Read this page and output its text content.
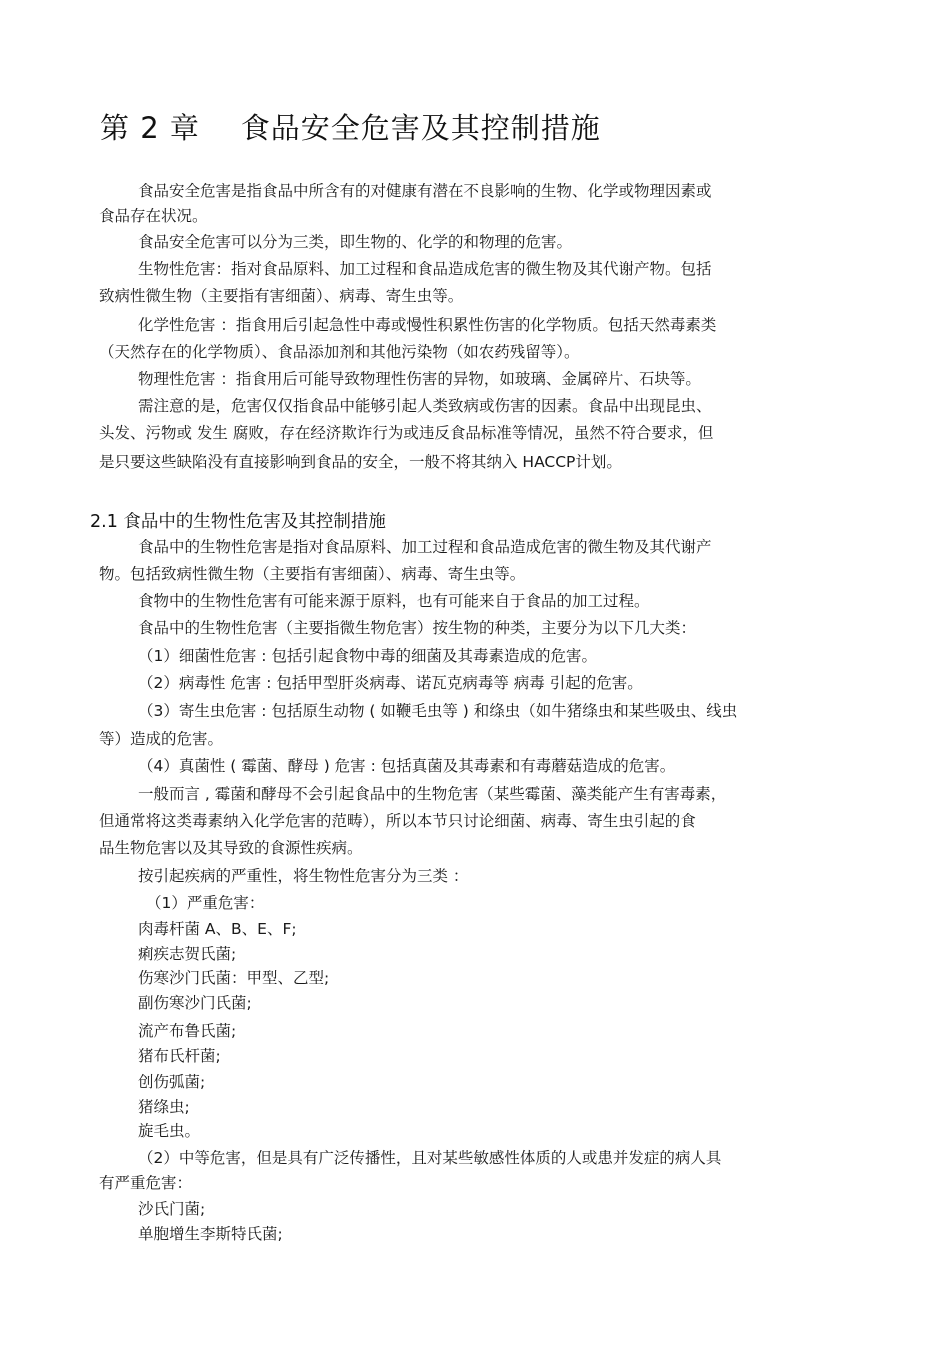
第 2 章    食品安全危害及其控制措施
食品安全危害是指食品中所含有的对健康有潜在不良影响的生物、化学或物理因素或
食品存在状况。
食品安全危害可以分为三类，即生物的、化学的和物理的危害。
生物性危害：指对食品原料、加工过程和食品造成危害的微生物及其代谢产物。包括
致病性微生物（主要指有害细菌）、病毒、寄生虫等。
化学性危害 ：指食用后引起急性中毒或慢性积累性伤害的化学物质。包括天然毒素类
（天然存在的化学物质）、食品添加剂和其他污染物（如农药残留等）。
物理性危害 ：指食用后可能导致物理性伤害的异物，如玻璃、金属碎片、石块等。
需注意的是，危害仅仅指食品中能够引起人类致病或伤害的因素。食品中出现昆虫、
头发、污物或 发生 腐败，存在经济欺诈行为或违反食品标准等情况，虽然不符合要求，但
是只要这些缺陷没有直接影响到食品的安全，一般不将其纳入 HACCP计划。
2.1 食品中的生物性危害及其控制措施
食品中的生物性危害是指对食品原料、加工过程和食品造成危害的微生物及其代谢产
物。包括致病性微生物（主要指有害细菌）、病毒、寄生虫等。
食物中的生物性危害有可能来源于原料，也有可能来自于食品的加工过程。
食品中的生物性危害（主要指微生物危害）按生物的种类，主要分为以下几大类：
（1）细菌性危害 : 包括引起食物中毒的细菌及其毒素造成的危害。
（2）病毒性 危害 : 包括甲型肝炎病毒、诺瓦克病毒等 病毒 引起的危害。
（3）寄生虫危害 : 包括原生动物 ( 如鞭毛虫等 ) 和绦虫（如牛猪绦虫和某些吸虫、线虫
等）造成的危害。
（4）真菌性 ( 霉菌、酵母 ) 危害 : 包括真菌及其毒素和有毒蘑菇造成的危害。
一般而言 , 霉菌和酵母不会引起食品中的生物危害（某些霉菌、藻类能产生有害毒素，
但通常将这类毒素纳入化学危害的范畴），所以本节只讨论细菌、病毒、寄生虫引起的食
品生物危害以及其导致的食源性疾病。
按引起疾病的严重性，将生物性危害分为三类 ：
（1）严重危害：
肉毒杆菌 A、B、E、F;
痢疾志贺氏菌;
伤寒沙门氏菌：甲型、乙型;
副伤寒沙门氏菌;
流产布鲁氏菌;
猪布氏杆菌;
创伤弧菌;
猪绦虫;
旋毛虫。
（2）中等危害，但是具有广泛传播性，且对某些敏感性体质的人或患并发症的病人具
有严重危害：
沙氏门菌;
单胞增生李斯特氏菌;
